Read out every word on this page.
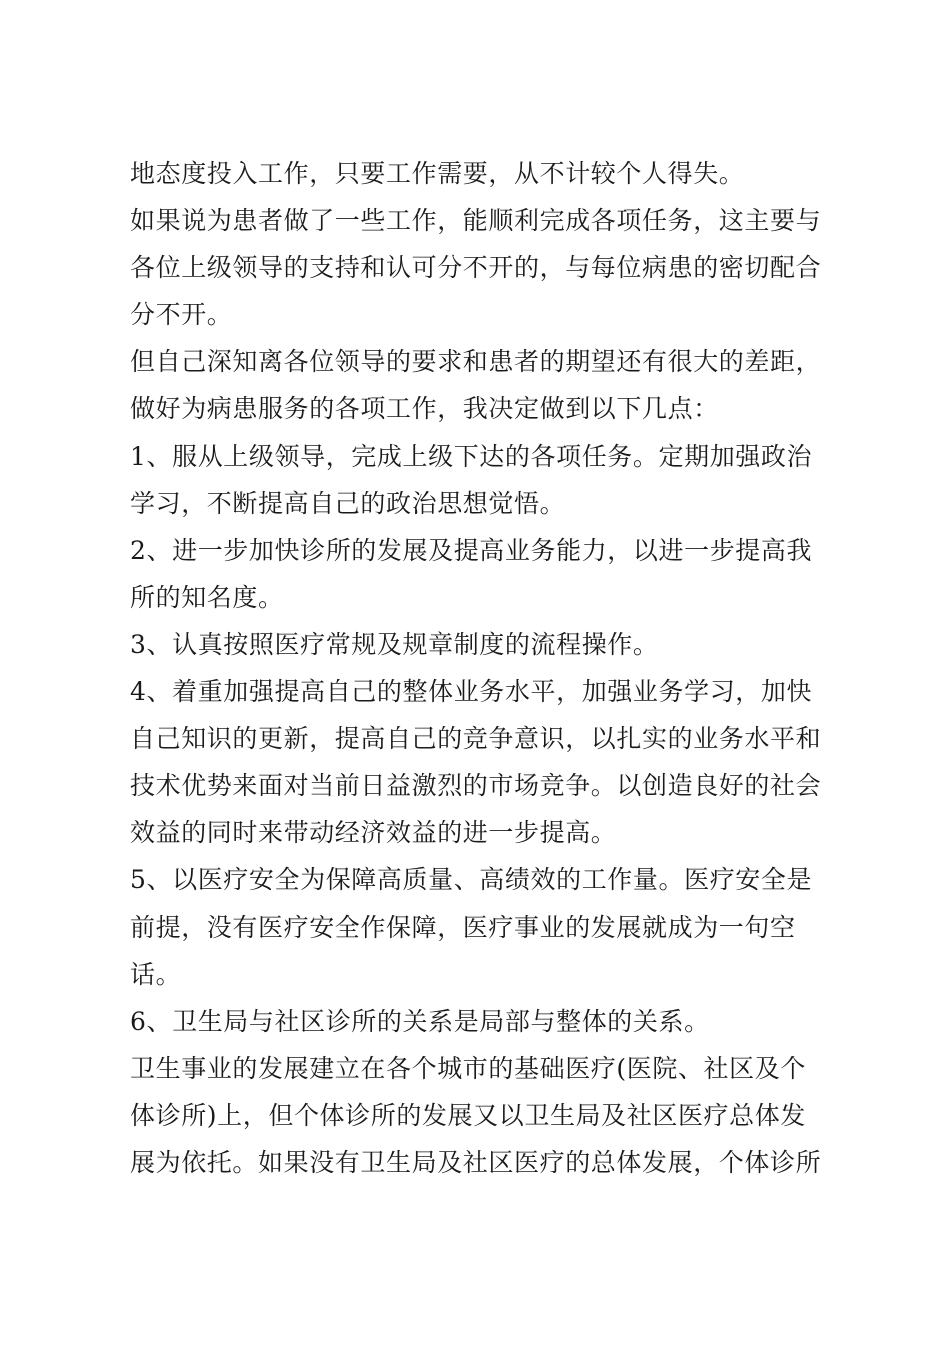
地态度投入工作，只要工作需要，从不计较个人得失。

如果说为患者做了一些工作，能顺利完成各项任务，这主要与
各位上级领导的支持和认可分不开的，与每位病患的密切配合
分不开。

但自己深知离各位领导的要求和患者的期望还有很大的差距，
做好为病患服务的各项工作，我决定做到以下几点：

1、服从上级领导，完成上级下达的各项任务。定期加强政治
学习，不断提高自己的政治思想觉悟。

2、进一步加快诊所的发展及提高业务能力，以进一步提高我
所的知名度。

3、认真按照医疗常规及规章制度的流程操作。

4、着重加强提高自己的整体业务水平，加强业务学习，加快
自己知识的更新，提高自己的竞争意识，以扎实的业务水平和
技术优势来面对当前日益激烈的市场竞争。以创造良好的社会
效益的同时来带动经济效益的进一步提高。

5、以医疗安全为保障高质量、高绩效的工作量。医疗安全是
前提，没有医疗安全作保障，医疗事业的发展就成为一句空
话。

6、卫生局与社区诊所的关系是局部与整体的关系。

卫生事业的发展建立在各个城市的基础医疗(医院、社区及个
体诊所)上，但个体诊所的发展又以卫生局及社区医疗总体发
展为依托。如果没有卫生局及社区医疗的总体发展，个体诊所
